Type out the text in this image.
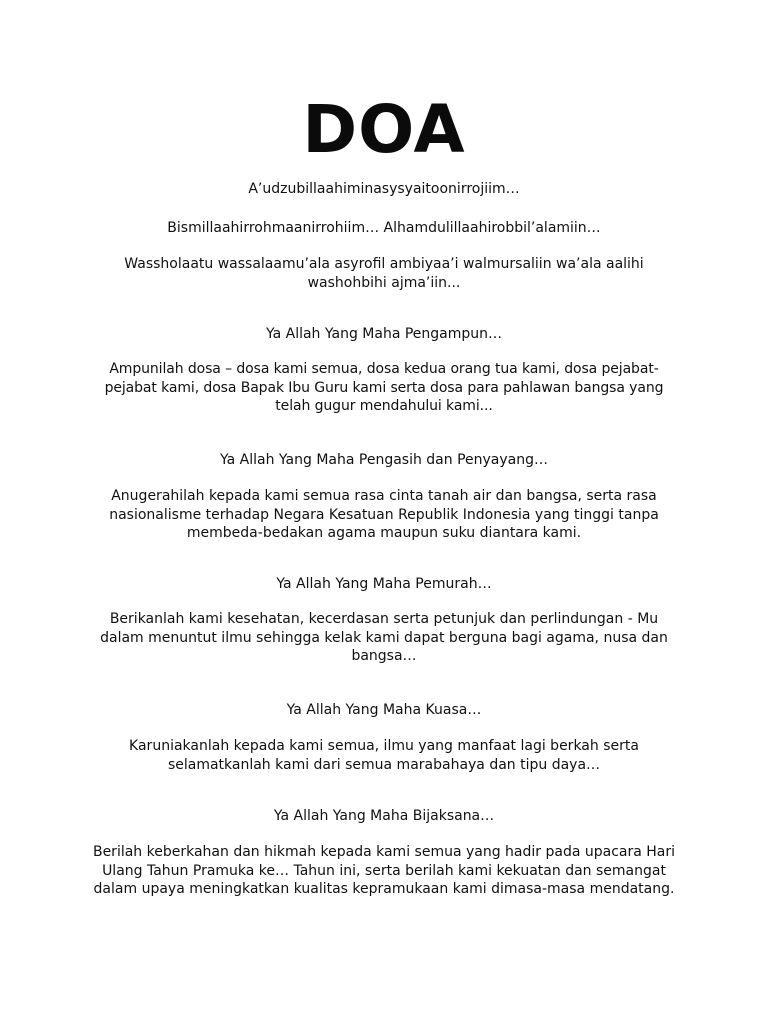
DOA

A’udzubillaahiminasysyaitoonirrojiim…

Bismillaahirrohmaanirrohiim… Alhamdulillaahirobbil’alamiin…

Wassholaatu wassalaamu’ala asyrofil ambiyaa’i walmursaliin wa’ala aalihi washohbihi ajma’iin...

Ya Allah Yang Maha Pengampun…

Ampunilah dosa – dosa kami semua, dosa kedua orang tua kami, dosa pejabat-pejabat kami, dosa Bapak Ibu Guru kami serta dosa para pahlawan bangsa yang telah gugur mendahului kami...

Ya Allah Yang Maha Pengasih dan Penyayang…

Anugerahilah kepada kami semua rasa cinta tanah air dan bangsa, serta rasa nasionalisme terhadap Negara Kesatuan Republik Indonesia yang tinggi tanpa membeda-bedakan agama maupun suku diantara kami.

Ya Allah Yang Maha Pemurah…

Berikanlah kami kesehatan, kecerdasan serta petunjuk dan perlindungan - Mu dalam menuntut ilmu sehingga kelak kami dapat berguna bagi agama, nusa dan bangsa…

Ya Allah Yang Maha Kuasa…

Karuniakanlah kepada kami semua, ilmu yang manfaat lagi berkah serta selamatkanlah kami dari semua marabahaya dan tipu daya…

Ya Allah Yang Maha Bijaksana…

Berilah keberkahan dan hikmah kepada kami semua yang hadir pada upacara Hari Ulang Tahun Pramuka ke… Tahun ini, serta berilah kami kekuatan dan semangat dalam upaya meningkatkan kualitas kepramukaan kami dimasa-masa mendatang.
